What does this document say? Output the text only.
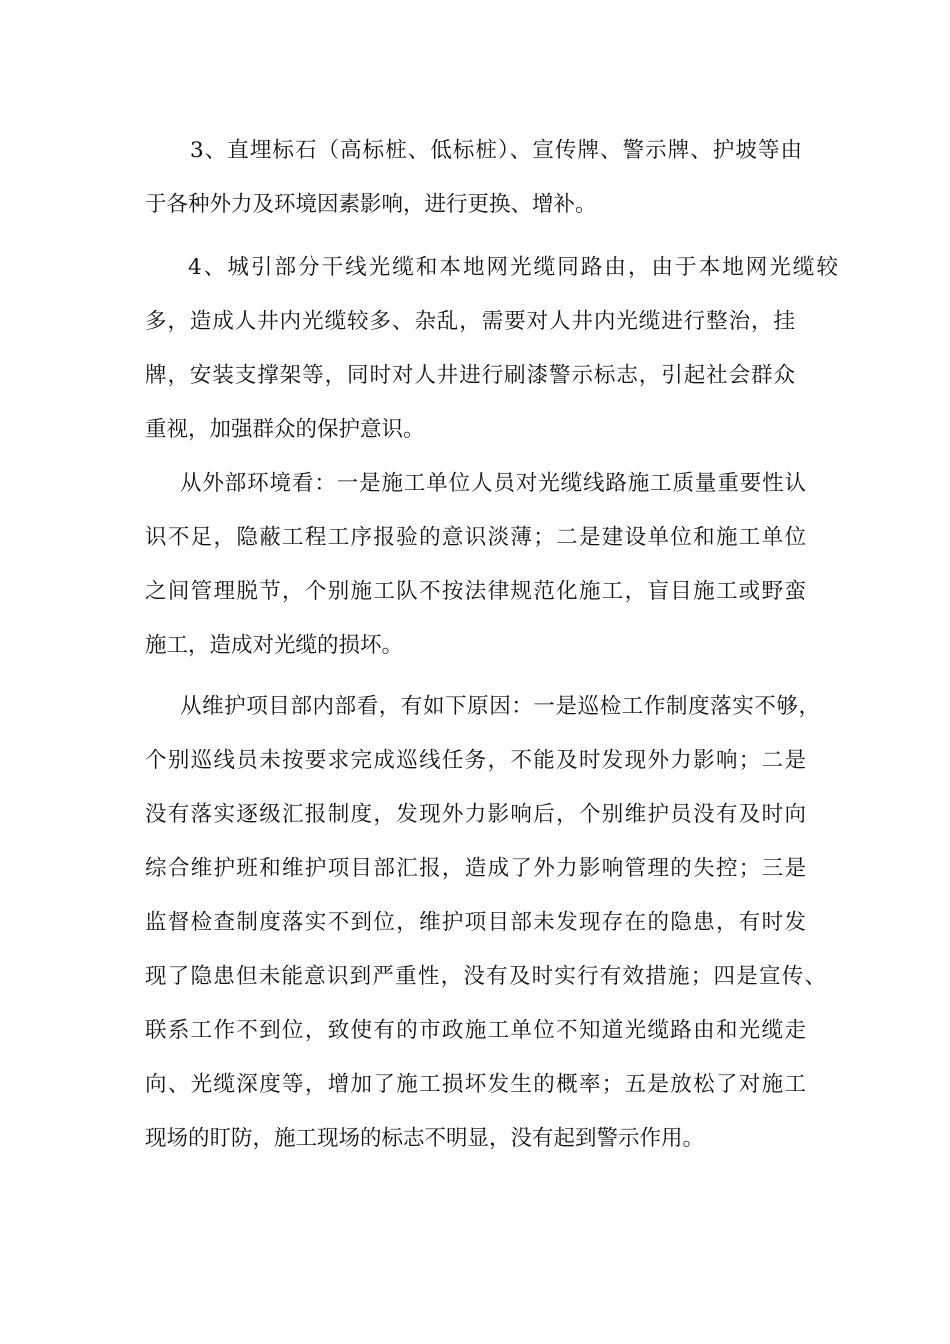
3、直埋标石（高标桩、低标桩）、宣传牌、警示牌、护坡等由

于各种外力及环境因素影响，进行更换、增补。

4、城引部分干线光缆和本地网光缆同路由，由于本地网光缆较

多，造成人井内光缆较多、杂乱，需要对人井内光缆进行整治，挂

牌，安装支撑架等，同时对人井进行刷漆警示标志，引起社会群众

重视，加强群众的保护意识。

从外部环境看：一是施工单位人员对光缆线路施工质量重要性认

识不足，隐蔽工程工序报验的意识淡薄；二是建设单位和施工单位

之间管理脱节，个别施工队不按法律规范化施工，盲目施工或野蛮

施工，造成对光缆的损坏。

从维护项目部内部看，有如下原因：一是巡检工作制度落实不够，

个别巡线员未按要求完成巡线任务，不能及时发现外力影响；二是

没有落实逐级汇报制度，发现外力影响后，个别维护员没有及时向

综合维护班和维护项目部汇报，造成了外力影响管理的失控；三是

监督检查制度落实不到位，维护项目部未发现存在的隐患，有时发

现了隐患但未能意识到严重性，没有及时实行有效措施；四是宣传、

联系工作不到位，致使有的市政施工单位不知道光缆路由和光缆走

向、光缆深度等，增加了施工损坏发生的概率；五是放松了对施工

现场的盯防，施工现场的标志不明显，没有起到警示作用。
